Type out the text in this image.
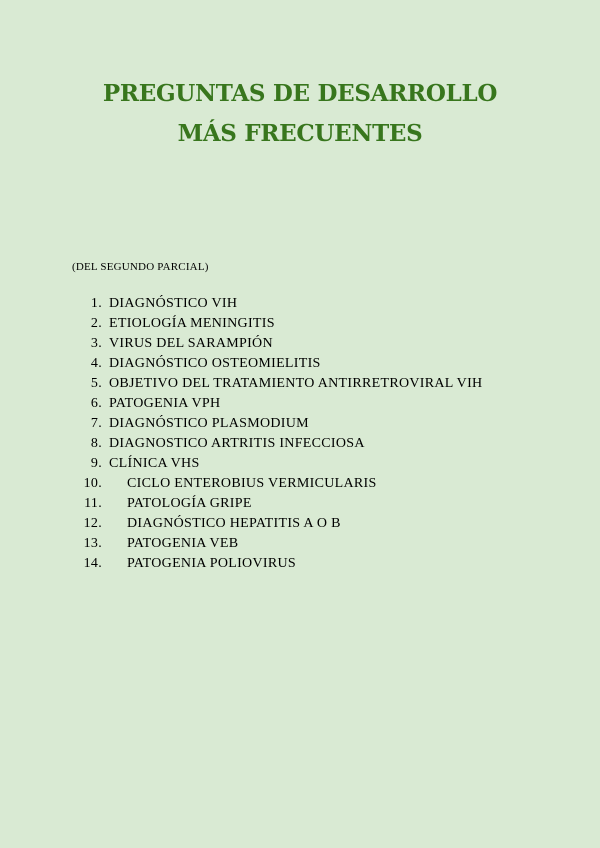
PREGUNTAS DE DESARROLLO
MÁS FRECUENTES
(DEL SEGUNDO PARCIAL)
1. DIAGNÓSTICO VIH
2. ETIOLOGÍA MENINGITIS
3. VIRUS DEL SARAMPIÓN
4. DIAGNÓSTICO OSTEOMIELITIS
5. OBJETIVO DEL TRATAMIENTO ANTIRRETROVIRAL VIH
6. PATOGENIA VPH
7. DIAGNÓSTICO PLASMODIUM
8. DIAGNOSTICO ARTRITIS INFECCIOSA
9. CLÍNICA VHS
10. CICLO ENTEROBIUS VERMICULARIS
11. PATOLOGÍA GRIPE
12. DIAGNÓSTICO HEPATITIS A O B
13. PATOGENIA VEB
14. PATOGENIA POLIOVIRUS
